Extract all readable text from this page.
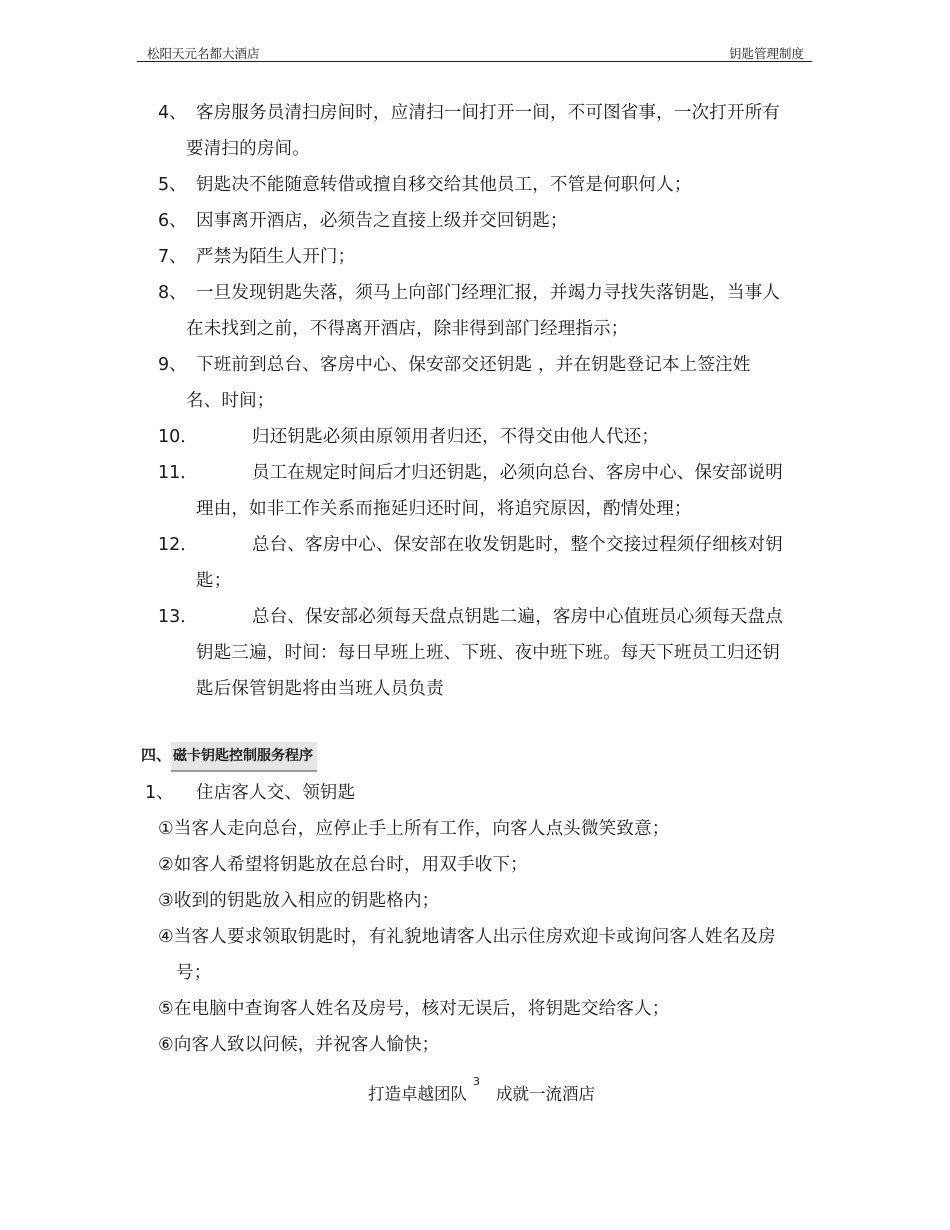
松阳天元名都大酒店	钥匙管理制度
4、 客房服务员清扫房间时，应清扫一间打开一间，不可图省事，一次打开所有
要清扫的房间。
5、 钥匙决不能随意转借或擅自移交给其他员工，不管是何职何人；
6、 因事离开酒店，必须告之直接上级并交回钥匙；
7、 严禁为陌生人开门；
8、 一旦发现钥匙失落，须马上向部门经理汇报，并竭力寻找失落钥匙，当事人
在未找到之前，不得离开酒店，除非得到部门经理指示；
9、 下班前到总台、客房中心、保安部交还钥匙 ，并在钥匙登记本上签注姓
名、时间；
10．	归还钥匙必须由原领用者归还，不得交由他人代还；
11．	员工在规定时间后才归还钥匙，必须向总台、客房中心、保安部说明
理由，如非工作关系而拖延归还时间，将追究原因，酌情处理；
12．	总台、客房中心、保安部在收发钥匙时，整个交接过程须仔细核对钥
匙；
13．	总台、保安部必须每天盘点钥匙二遍，客房中心值班员心须每天盘点
钥匙三遍，时间：每日早班上班、下班、夜中班下班。每天下班员工归还钥
匙后保管钥匙将由当班人员负责
四、 磁卡钥匙控制服务程序
1、 住店客人交、领钥匙
①当客人走向总台，应停止手上所有工作，向客人点头微笑致意；
②如客人希望将钥匙放在总台时，用双手收下；
③收到的钥匙放入相应的钥匙格内；
④当客人要求领取钥匙时，有礼貌地请客人出示住房欢迎卡或询问客人姓名及房
号；
⑤在电脑中查询客人姓名及房号，核对无误后，将钥匙交给客人；
⑥向客人致以问候，并祝客人愉快；
打造卓越团队$^3$成就一流酒店
